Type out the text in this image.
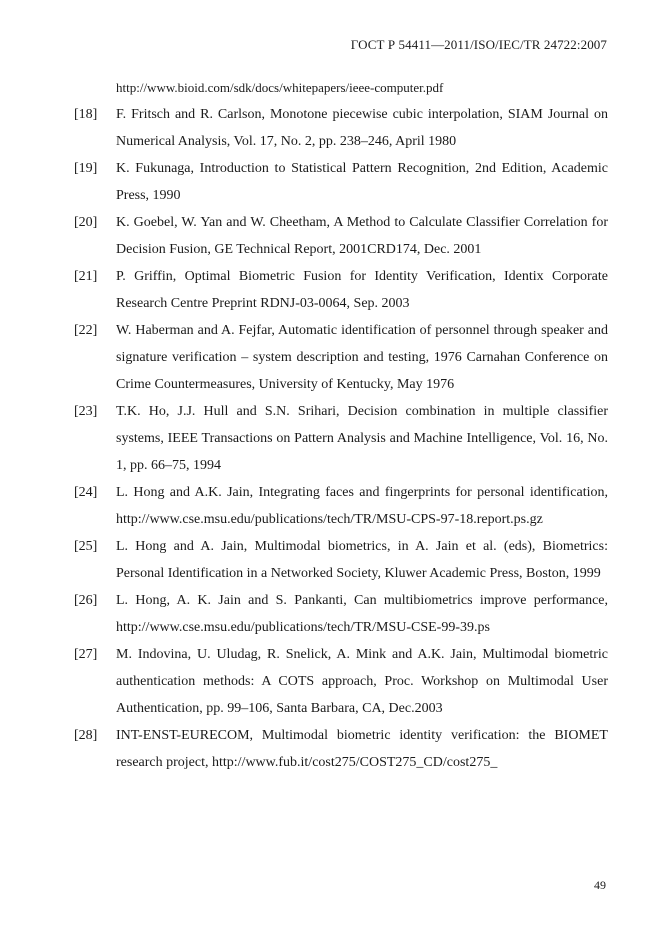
ГОСТ Р 54411—2011/ISO/IEC/TR 24722:2007
http://www.bioid.com/sdk/docs/whitepapers/ieee-computer.pdf
[18]	F. Fritsch and R. Carlson, Monotone piecewise cubic interpolation, SIAM Journal on Numerical Analysis, Vol. 17, No. 2, pp. 238–246, April 1980
[19]	K. Fukunaga, Introduction to Statistical Pattern Recognition, 2nd Edition, Academic Press, 1990
[20]	K. Goebel, W. Yan and W. Cheetham, A Method to Calculate Classifier Correlation for Decision Fusion, GE Technical Report, 2001CRD174, Dec. 2001
[21]	P. Griffin, Optimal Biometric Fusion for Identity Verification, Identix Corporate Research Centre Preprint RDNJ-03-0064, Sep. 2003
[22]	W. Haberman and A. Fejfar, Automatic identification of personnel through speaker and signature verification – system description and testing, 1976 Carnahan Conference on Crime Countermeasures, University of Kentucky, May 1976
[23]	T.K. Ho, J.J. Hull and S.N. Srihari, Decision combination in multiple classifier systems, IEEE Transactions on Pattern Analysis and Machine Intelligence, Vol. 16, No. 1, pp. 66–75, 1994
[24]	L. Hong and A.K. Jain, Integrating faces and fingerprints for personal identification, http://www.cse.msu.edu/publications/tech/TR/MSU-CPS-97-18.report.ps.gz
[25]	L. Hong and A. Jain, Multimodal biometrics, in A. Jain et al. (eds), Biometrics: Personal Identification in a Networked Society, Kluwer Academic Press, Boston, 1999
[26]	L. Hong, A. K. Jain and S. Pankanti, Can multibiometrics improve performance, http://www.cse.msu.edu/publications/tech/TR/MSU-CSE-99-39.ps
[27]	M. Indovina, U. Uludag, R. Snelick, A. Mink and A.K. Jain, Multimodal biometric authentication methods: A COTS approach, Proc. Workshop on Multimodal User Authentication, pp. 99–106, Santa Barbara, CA, Dec.2003
[28]	INT-ENST-EURECOM, Multimodal biometric identity verification: the BIOMET research project, http://www.fub.it/cost275/COST275_CD/cost275_
49
